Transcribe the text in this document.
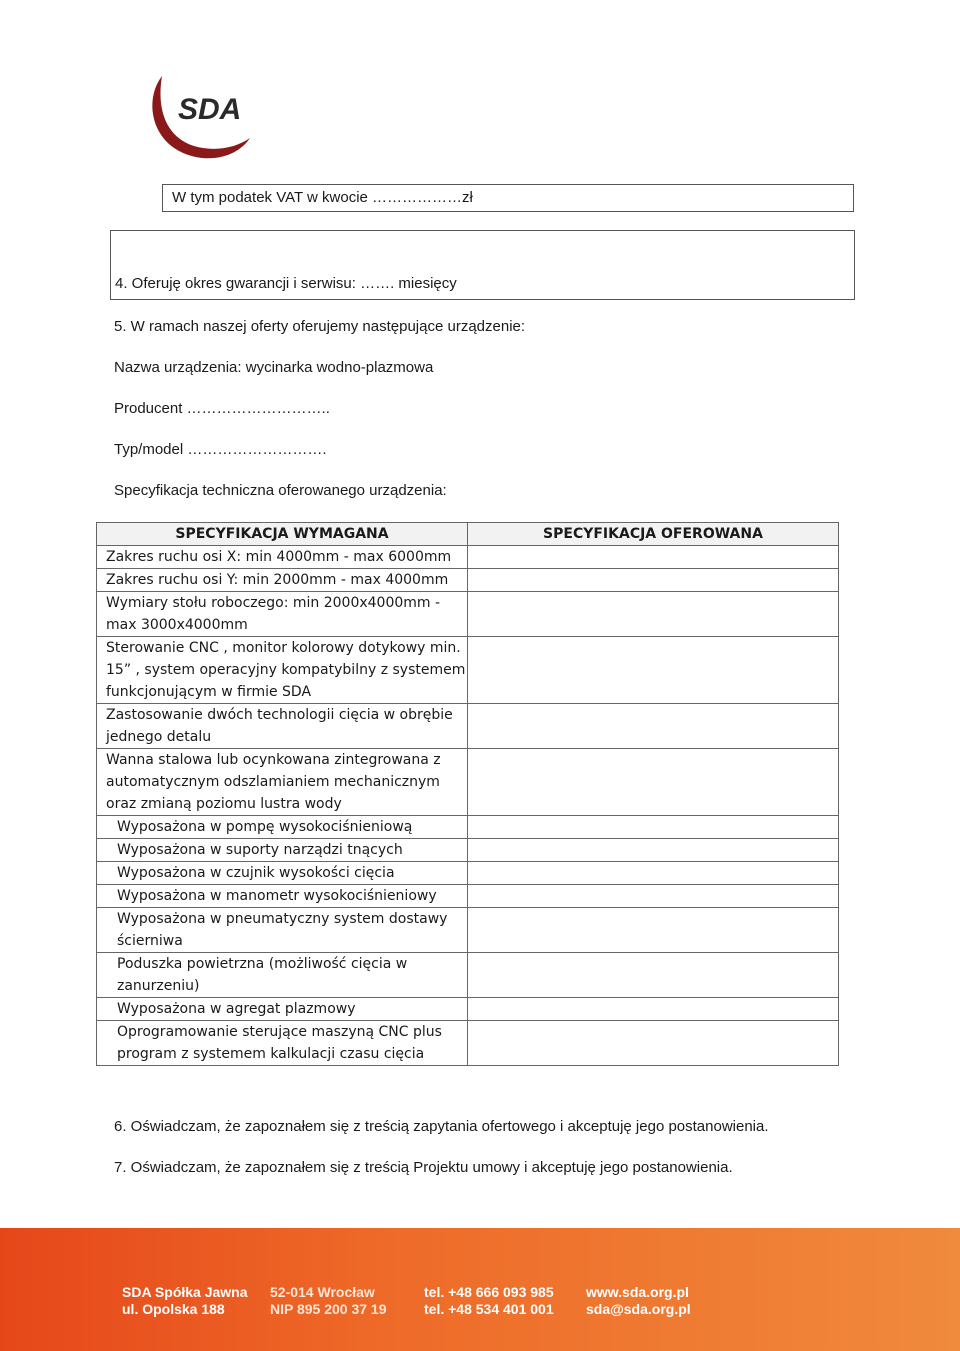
SDA
W tym podatek VAT w kwocie ………………zł
4. Oferuję okres gwarancji i serwisu: ……. miesięcy
5. W ramach naszej oferty oferujemy następujące urządzenie:
Nazwa urządzenia: wycinarka wodno-plazmowa
Producent ………………………..
Typ/model ……………………….
Specyfikacja techniczna oferowanego urządzenia:
SPECYFIKACJA WYMAGANA	SPECYFIKACJA OFEROWANA
Zakres ruchu osi X: min 4000mm - max 6000mm	
Zakres ruchu osi Y: min 2000mm - max 4000mm	
Wymiary stołu roboczego: min 2000x4000mm - max 3000x4000mm	
Sterowanie CNC , monitor kolorowy dotykowy min. 15” , system operacyjny kompatybilny z systemem funkcjonującym w firmie SDA	
Zastosowanie dwóch technologii cięcia w obrębie jednego detalu	
Wanna stalowa lub ocynkowana zintegrowana z automatycznym odszlamianiem mechanicznym oraz zmianą poziomu lustra wody	
Wyposażona w pompę wysokociśnieniową	
Wyposażona w suporty narządzi tnących	
Wyposażona w czujnik wysokości cięcia	
Wyposażona w manometr wysokociśnieniowy	
Wyposażona w pneumatyczny system dostawy ścierniwa	
Poduszka powietrzna (możliwość cięcia w zanurzeniu)	
Wyposażona w agregat plazmowy	
Oprogramowanie sterujące maszyną CNC plus program z systemem kalkulacji czasu cięcia	
6. Oświadczam, że zapoznałem się z treścią zapytania ofertowego i akceptuję jego postanowienia.
7. Oświadczam, że zapoznałem się z treścią Projektu umowy i akceptuję jego postanowienia.
SDA Spółka Jawna
ul. Opolska 188
52-014 Wrocław
NIP 895 200 37 19
tel. +48 666 093 985
tel. +48 534 401 001
www.sda.org.pl
sda@sda.org.pl
